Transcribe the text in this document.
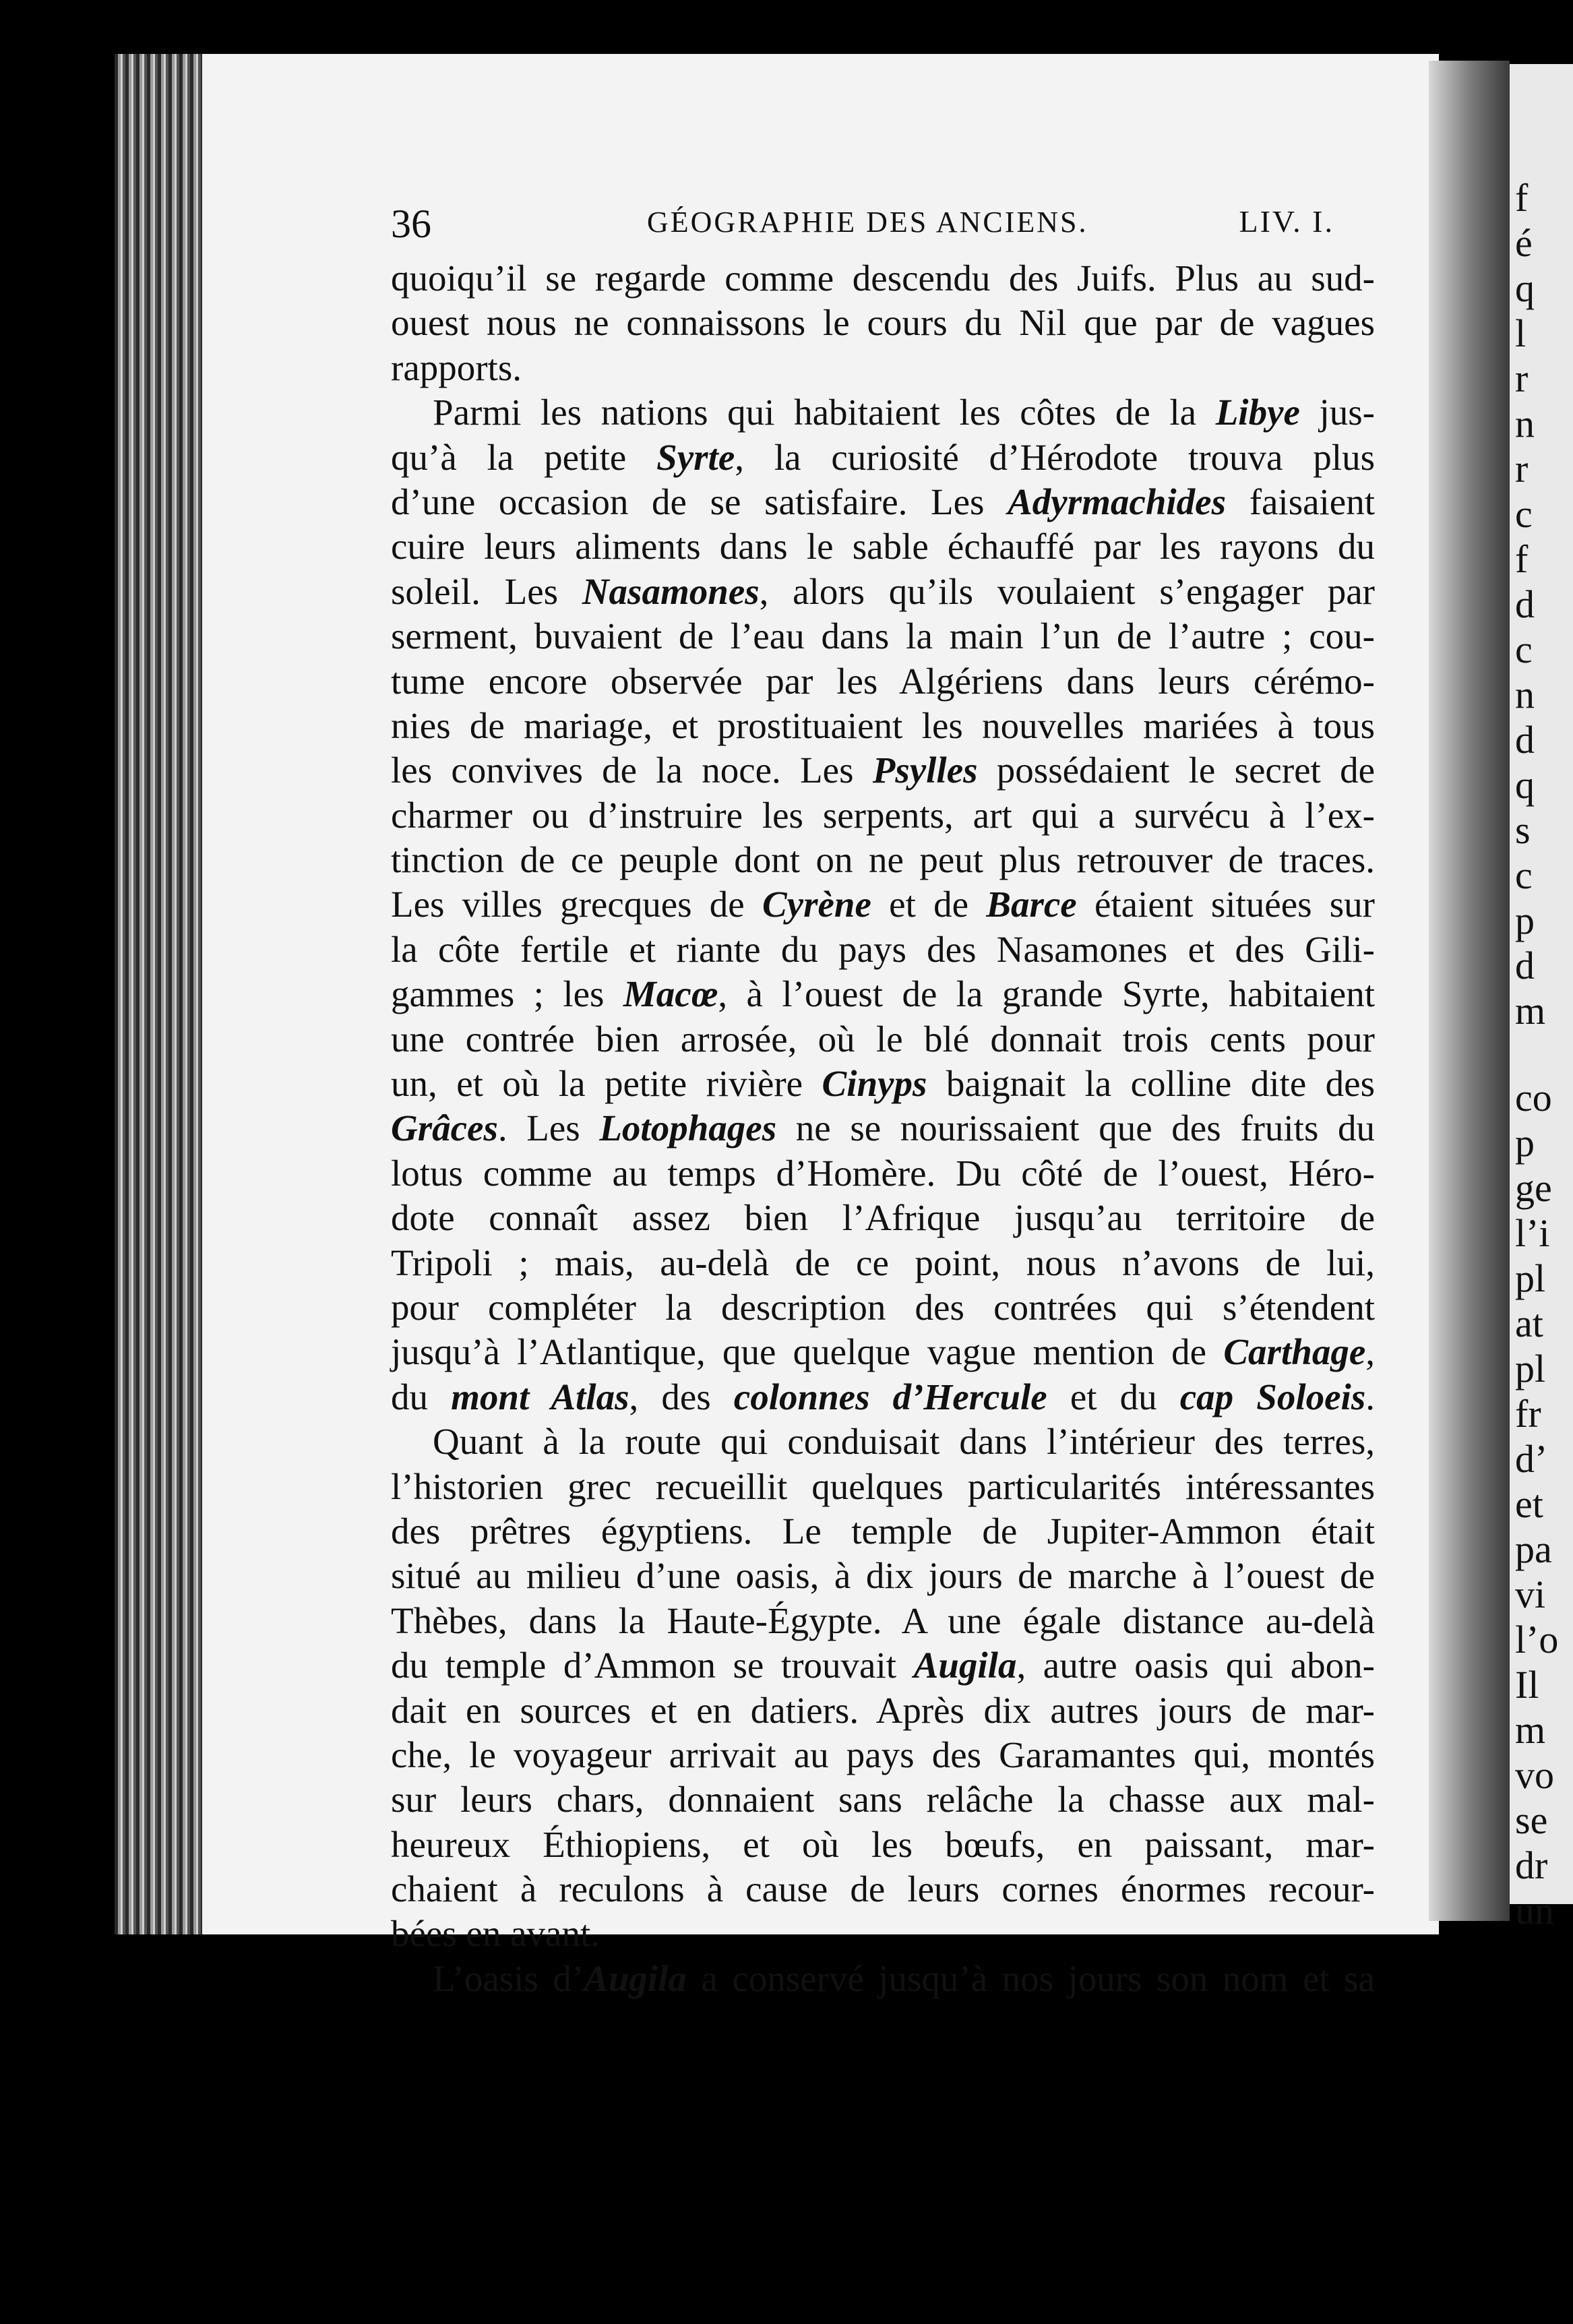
f
é
q
l
r
n
r
c
f
d
c
n
d
q
s
c
p
d
m
co
p
ge
l’i
pl
at
pl
fr
d’
et
pa
vi
l’o
Il
m
vo
se
dr
un
36	GÉOGRAPHIE DES ANCIENS.	LIV. I.
quoiqu’il se regarde comme descendu des Juifs. Plus au sud-
ouest nous ne connaissons le cours du Nil que par de vagues
rapports.
Parmi les nations qui habitaient les côtes de la Libye jus-
qu’à la petite Syrte, la curiosité d’Hérodote trouva plus
d’une occasion de se satisfaire. Les Adyrmachides faisaient
cuire leurs aliments dans le sable échauffé par les rayons du
soleil. Les Nasamones, alors qu’ils voulaient s’engager par
serment, buvaient de l’eau dans la main l’un de l’autre ; cou-
tume encore observée par les Algériens dans leurs cérémo-
nies de mariage, et prostituaient les nouvelles mariées à tous
les convives de la noce. Les Psylles possédaient le secret de
charmer ou d’instruire les serpents, art qui a survécu à l’ex-
tinction de ce peuple dont on ne peut plus retrouver de traces.
Les villes grecques de Cyrène et de Barce étaient situées sur
la côte fertile et riante du pays des Nasamones et des Gili-
gammes ; les Macœ, à l’ouest de la grande Syrte, habitaient
une contrée bien arrosée, où le blé donnait trois cents pour
un, et où la petite rivière Cinyps baignait la colline dite des
Grâces. Les Lotophages ne se nourissaient que des fruits du
lotus comme au temps d’Homère. Du côté de l’ouest, Héro-
dote connaît assez bien l’Afrique jusqu’au territoire de
Tripoli ; mais, au-delà de ce point, nous n’avons de lui,
pour compléter la description des contrées qui s’étendent
jusqu’à l’Atlantique, que quelque vague mention de Carthage,
du mont Atlas, des colonnes d’Hercule et du cap Soloeis.
Quant à la route qui conduisait dans l’intérieur des terres,
l’historien grec recueillit quelques particularités intéressantes
des prêtres égyptiens. Le temple de Jupiter-Ammon était
situé au milieu d’une oasis, à dix jours de marche à l’ouest de
Thèbes, dans la Haute-Égypte. A une égale distance au-delà
du temple d’Ammon se trouvait Augila, autre oasis qui abon-
dait en sources et en datiers. Après dix autres jours de mar-
che, le voyageur arrivait au pays des Garamantes qui, montés
sur leurs chars, donnaient sans relâche la chasse aux mal-
heureux Éthiopiens, et où les bœufs, en paissant, mar-
chaient à reculons à cause de leurs cornes énormes recour-
bées en avant.
L’oasis d’Augila a conservé jusqu’à nos jours son nom et sa
